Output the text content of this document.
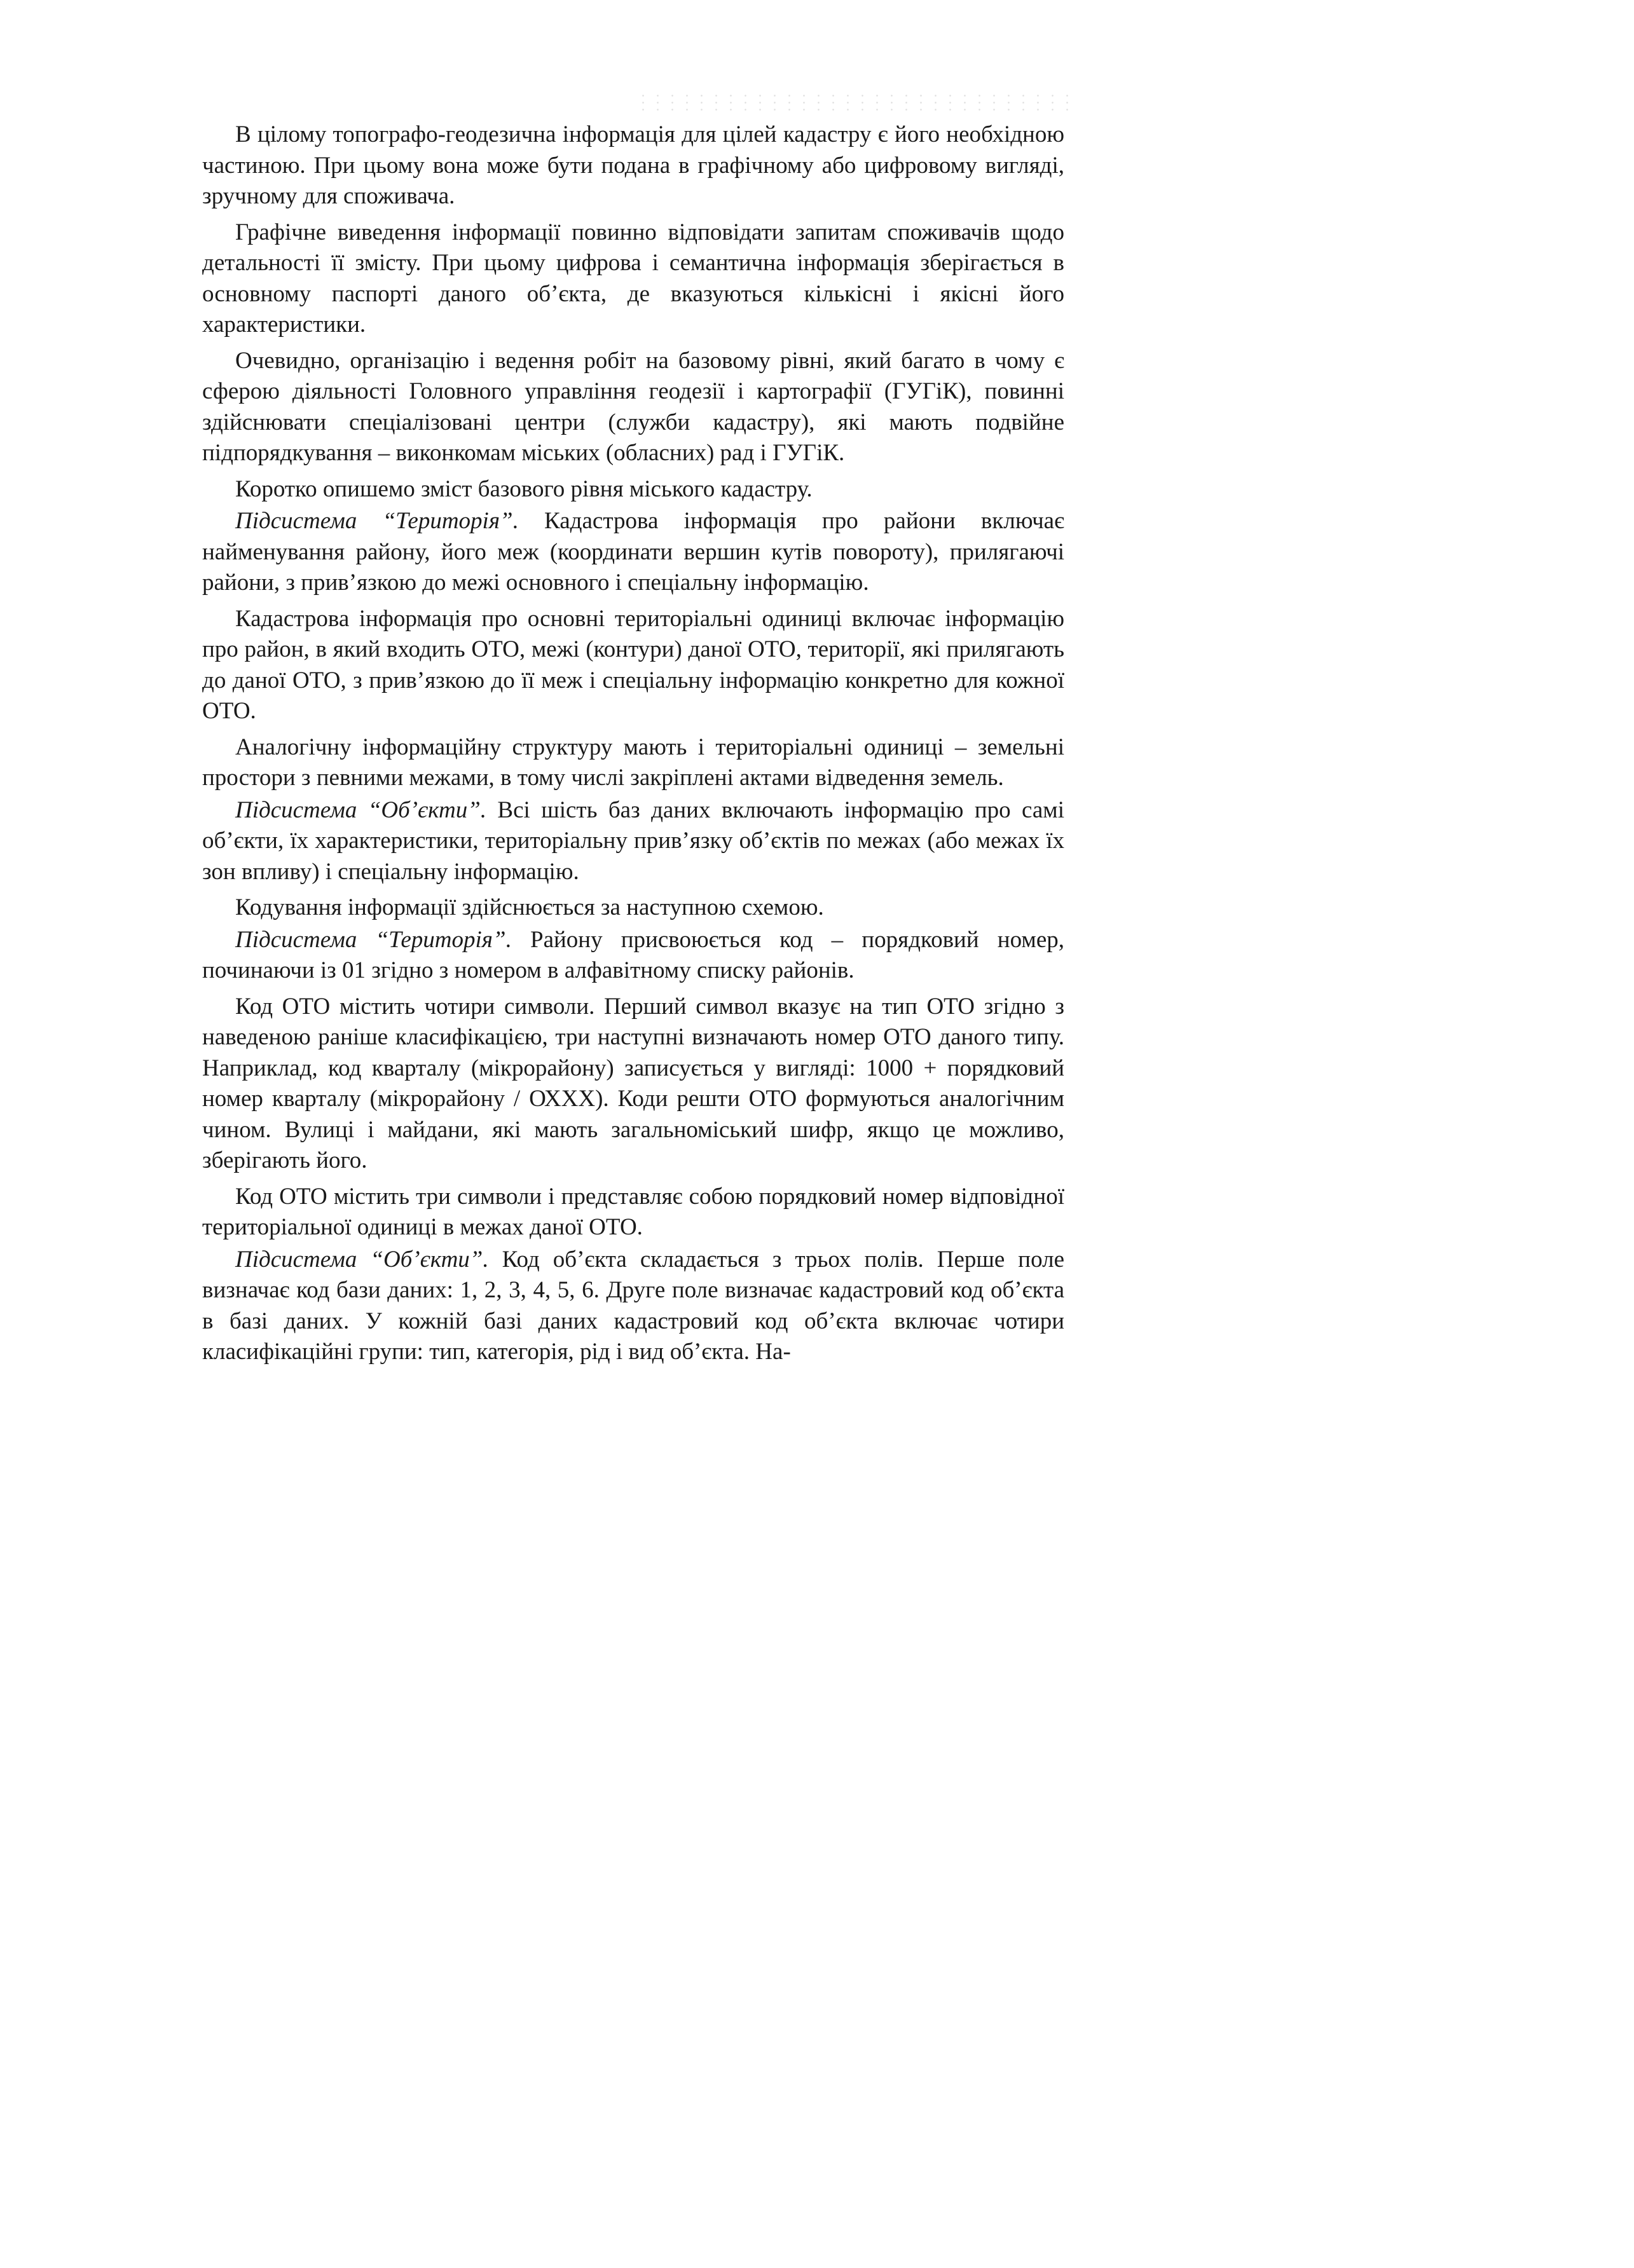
В цілому топографо-геодезична інформація для цілей кадастру є його необхідною частиною. При цьому вона може бути подана в графічному або цифровому вигляді, зручному для споживача.

Графічне виведення інформації повинно відповідати запитам споживачів щодо детальності її змісту. При цьому цифрова і семантична інформація зберігається в основному паспорті даного об’єкта, де вказуються кількісні і якісні його характеристики.

Очевидно, організацію і ведення робіт на базовому рівні, який багато в чому є сферою діяльності Головного управління геодезії і картографії (ГУГіК), повинні здійснювати спеціалізовані центри (служби кадастру), які мають подвійне підпорядкування – виконкомам міських (обласних) рад і ГУГіК.

Коротко опишемо зміст базового рівня міського кадастру.

Підсистема “Територія”. Кадастрова інформація про райони включає найменування району, його меж (координати вершин кутів повороту), прилягаючі райони, з прив’язкою до межі основного і спеціальну інформацію.

Кадастрова інформація про основні територіальні одиниці включає інформацію про район, в який входить ОТО, межі (контури) даної ОТО, території, які прилягають до даної ОТО, з прив’язкою до її меж і спеціальну інформацію конкретно для кожної ОТО.

Аналогічну інформаційну структуру мають і територіальні одиниці – земельні простори з певними межами, в тому числі закріплені актами відведення земель.

Підсистема “Об’єкти”. Всі шість баз даних включають інформацію про самі об’єкти, їх характеристики, територіальну прив’язку об’єктів по межах (або межах їх зон впливу) і спеціальну інформацію.

Кодування інформації здійснюється за наступною схемою.

Підсистема “Територія”. Району присвоюється код – порядковий номер, починаючи із 01 згідно з номером в алфавітному списку районів.

Код ОТО містить чотири символи. Перший символ вказує на тип ОТО згідно з наведеною раніше класифікацією, три наступні визначають номер ОТО даного типу. Наприклад, код кварталу (мікрорайону) записується у вигляді: 1000 + порядковий номер кварталу (мікрорайону / ОХХХ). Коди решти ОТО формуються аналогічним чином. Вулиці і майдани, які мають загальноміський шифр, якщо це можливо, зберігають його.

Код ОТО містить три символи і представляє собою порядковий номер відповідної територіальної одиниці в межах даної ОТО.

Підсистема “Об’єкти”. Код об’єкта складається з трьох полів. Перше поле визначає код бази даних: 1, 2, 3, 4, 5, 6. Друге поле визначає кадастровий код об’єкта в базі даних. У кожній базі даних кадастровий код об’єкта включає чотири класифікаційні групи: тип, категорія, рід і вид об’єкта. На-
